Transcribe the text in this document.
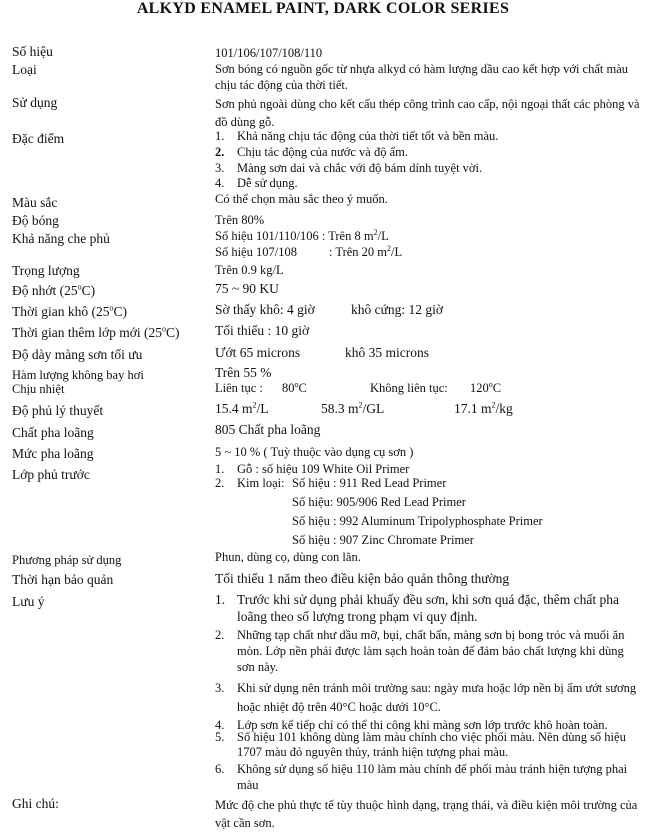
ALKYD ENAMEL PAINT, DARK COLOR SERIES
Số hiệu	101/106/107/108/110
Loại	Sơn bóng có nguồn gốc từ nhựa alkyd có hàm lượng dầu cao kết hợp với chất màu chịu tác động của thời tiết.
Sử dụng	Sơn phủ ngoài dùng cho kết cấu thép công trình cao cấp, nội ngoại thất các phòng và đồ dùng gỗ.
Đặc điểm	1. Khả năng chịu tác động của thời tiết tốt và bền màu.
2. Chịu tác động của nước và độ ẩm.
3. Màng sơn dai và chắc với độ bám dính tuyệt vời.
4. Dễ sử dụng.
Màu sắc	Có thể chọn màu sắc theo ý muốn.
Độ bóng	Trên 80%
Khả năng che phủ	Số hiệu 101/110/106 : Trên 8 $m^2/L$
Số hiệu 107/108	: Trên 20 $m^2/L$
Trọng lượng	Trên 0.9 kg/L
Độ nhớt (25$^o$C)	75 ~ 90 KU
Thời gian khô (25$^o$C)	Sờ thấy khô: 4 giờ	khô cứng: 12 giờ
Thời gian thêm lớp mới (25$^o$C)	Tối thiểu : 10 giờ
Độ dày màng sơn tối ưu	Ướt 65 microns	khô 35 microns
Hàm lượng không bay hơi	Trên 55 %
Chịu nhiệt	Liên tục : 80$^o$C	Không liên tục: 120$^o$C
Độ phủ lý thuyết	15.4 $m^2/L$	58.3 $m^2/GL$	17.1 $m^2/kg$
Chất pha loãng	805 Chất pha loãng
Mức pha loãng	5 ~ 10 % ( Tuỳ thuộc vào dụng cụ sơn )
Lớp phủ trước	1. Gỗ : số hiệu 109 White Oil Primer
2. Kim loại: Số hiệu : 911 Red Lead Primer
Số hiệu: 905/906 Red Lead Primer
Số hiệu : 992 Aluminum Tripolyphosphate Primer
Số hiệu : 907 Zinc Chromate Primer
Phương pháp sử dụng	Phun, dùng cọ, dùng con lăn.
Thời hạn bảo quản	Tối thiểu 1 năm theo điều kiện bảo quản thông thường
Lưu ý	1. Trước khi sử dụng phải khuấy đều sơn, khi sơn quá đặc, thêm chất pha loãng theo số lượng trong phạm vi quy định.
2. Những tạp chất như dầu mỡ, bụi, chất bẩn, màng sơn bị bong tróc và muối ăn mòn. Lớp nền phải được làm sạch hoàn toàn để đảm bảo chất lượng khi dùng sơn này.
3. Khi sử dụng nên tránh môi trường sau: ngày mưa hoặc lớp nền bị ẩm ướt sương hoặc nhiệt độ trên 40°C hoặc dưới 10°C.
4. Lớp sơn kế tiếp chỉ có thể thi công khi màng sơn lớp trước khô hoàn toàn.
5. Số hiệu 101 không dùng làm màu chính cho việc phối màu. Nên dùng số hiệu 1707 màu đỏ nguyên thủy, tránh hiện tượng phai màu.
6. Không sử dụng số hiệu 110 làm màu chính để phối màu tránh hiện tượng phai màu
Ghi chú:	Mức độ che phủ thực tế tùy thuộc hình dạng, trạng thái, và điều kiện môi trường của vật cần sơn.
